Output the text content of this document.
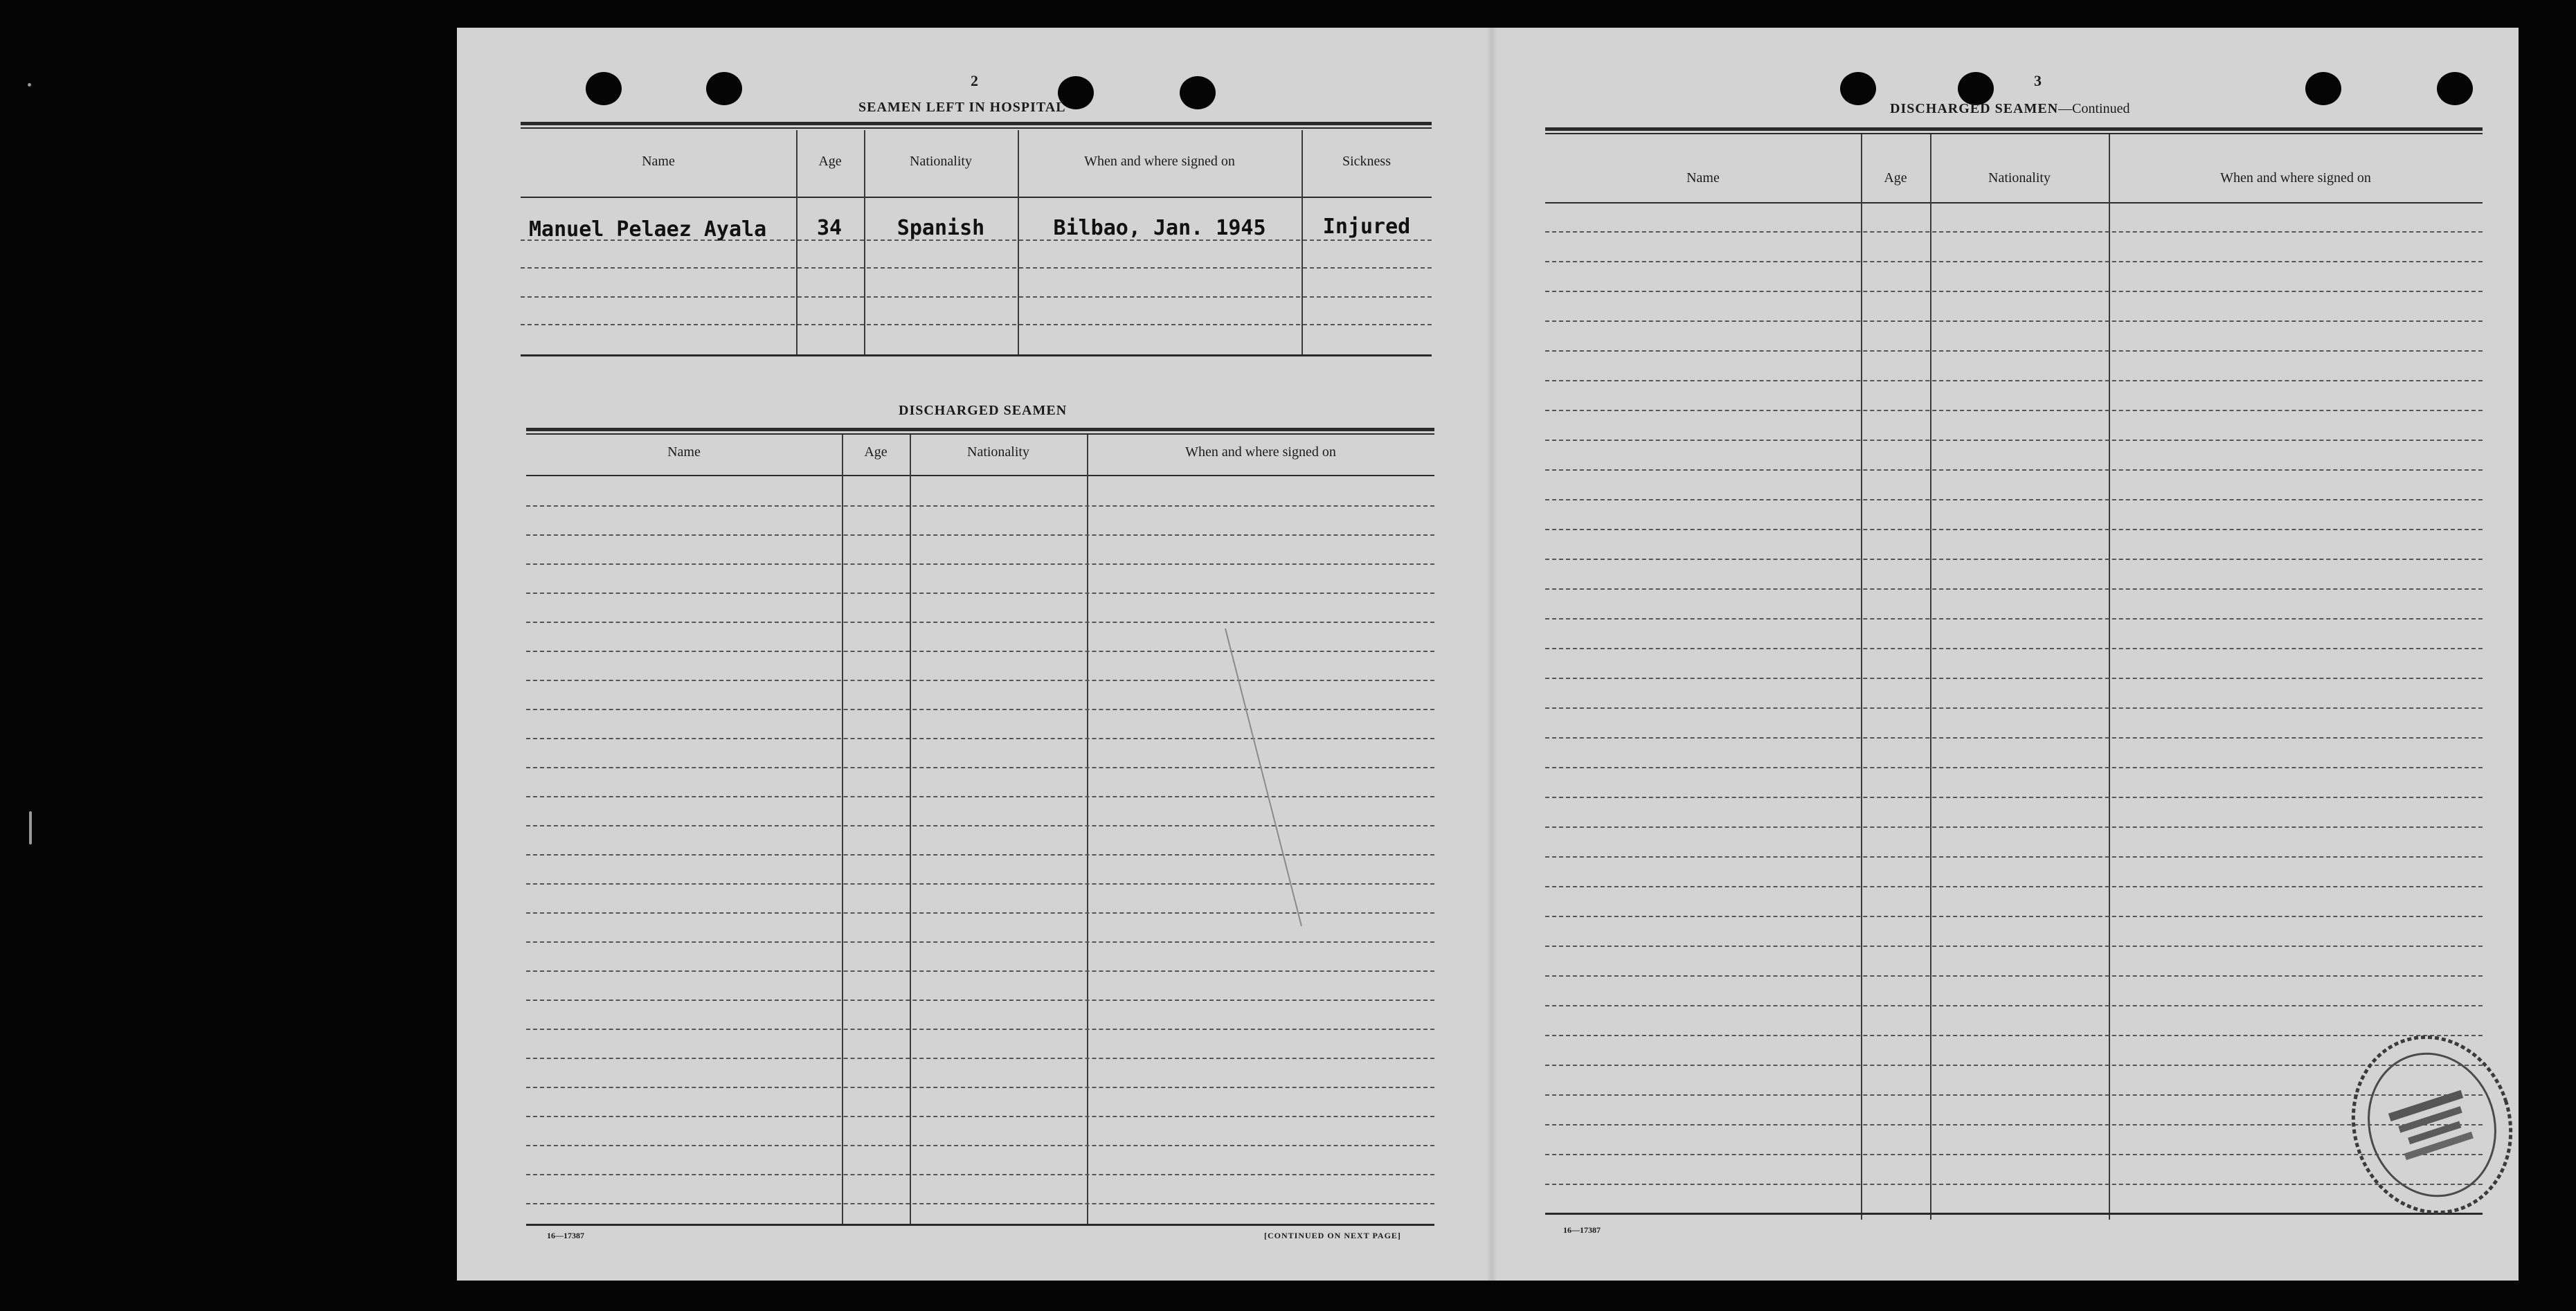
2
SEAMEN LEFT IN HOSPITAL
Name	Age	Nationality	When and where signed on	Sickness
Manuel Pelaez Ayala	34	Spanish	Bilbao, Jan. 1945	Injured
DISCHARGED SEAMEN
Name	Age	Nationality	When and where signed on
16—17387	[CONTINUED ON NEXT PAGE]
3
DISCHARGED SEAMEN—Continued
Name	Age	Nationality	When and where signed on
16—17387
